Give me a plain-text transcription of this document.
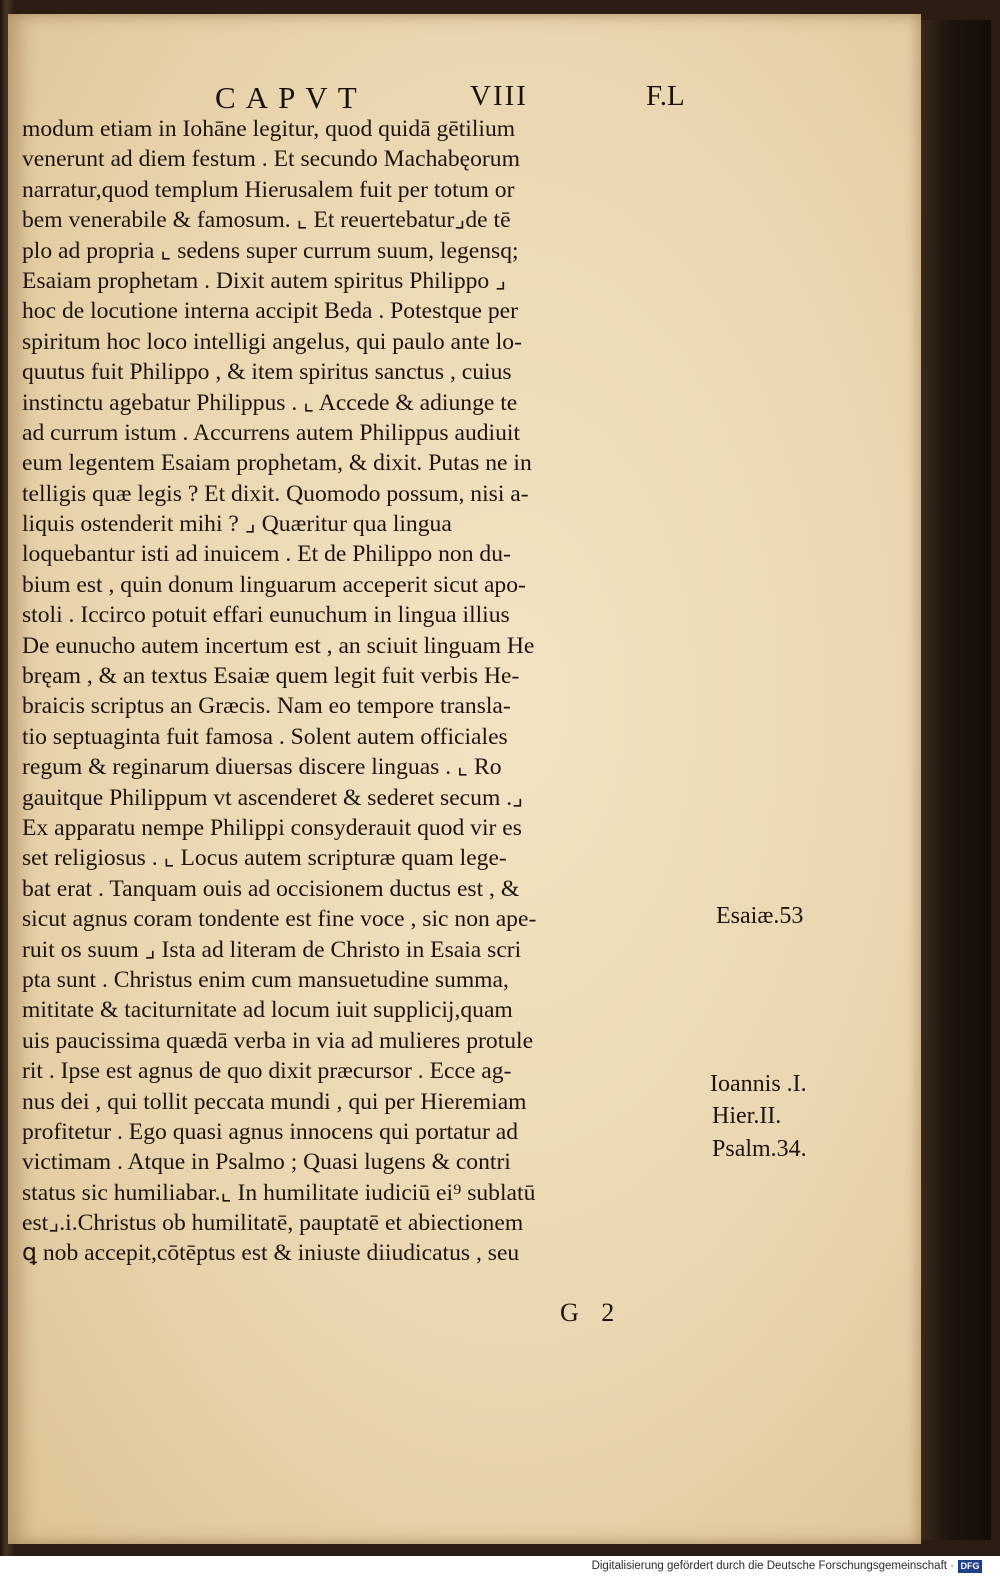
CAPVT	VIII	F.L
modum etiam in Iohāne legitur, quod quidā gētilium
venerunt ad diem festum . Et secundo Machabęorum
narratur,quod templum Hierusalem fuit per totum or
bem venerabile & famosum. ⌞ Et reuertebatur⌟de tē
plo ad propria ⌞ sedens super currum suum, legensq;
Esaiam prophetam . Dixit autem spiritus Philippo ⌟
hoc de locutione interna accipit Beda . Potestque per
spiritum hoc loco intelligi angelus, qui paulo ante lo-
quutus fuit Philippo , & item spiritus sanctus , cuius
instinctu agebatur Philippus . ⌞ Accede & adiunge te
ad currum istum . Accurrens autem Philippus audiuit
eum legentem Esaiam prophetam, & dixit. Putas ne in
telligis quæ legis ? Et dixit. Quomodo possum, nisi a-
liquis ostenderit mihi ? ⌟ Quæritur qua lingua
loquebantur isti ad inuicem . Et de Philippo non du-
bium est , quin donum linguarum acceperit sicut apo-
stoli . Iccirco potuit effari eunuchum in lingua illius
De eunucho autem incertum est , an sciuit linguam He
bręam , & an textus Esaiæ quem legit fuit verbis He-
braicis scriptus an Græcis. Nam eo tempore transla-
tio septuaginta fuit famosa . Solent autem officiales
regum & reginarum diuersas discere linguas . ⌞ Ro
gauitque Philippum vt ascenderet & sederet secum .⌟
Ex apparatu nempe Philippi consyderauit quod vir es
set religiosus . ⌞ Locus autem scripturæ quam lege-
bat erat . Tanquam ouis ad occisionem ductus est , &
sicut agnus coram tondente est fine voce , sic non ape-
ruit os suum ⌟ Ista ad literam de Christo in Esaia scri
pta sunt . Christus enim cum mansuetudine summa,
mititate & taciturnitate ad locum iuit supplicij,quam
uis paucissima quædā verba in via ad mulieres protule
rit . Ipse est agnus de quo dixit præcursor . Ecce ag-
nus dei , qui tollit peccata mundi , qui per Hieremiam
profitetur . Ego quasi agnus innocens qui portatur ad
victimam . Atque in Psalmo ; Quasi lugens & contri
status sic humiliabar.⌞ In humilitate iudiciū ei⁹ sublatū
est⌟.i.Christus ob humilitatē, pauptatē et abiectionem
ꝗ nob accepit,cōtēptus est & iniuste diiudicatus , seu
Esaiæ.53
Ioannis .I.
Hier.II.
Psalm.34.
G 2
Digitalisierung gefördert durch die Deutsche Forschungsgemeinschaft · DFG
